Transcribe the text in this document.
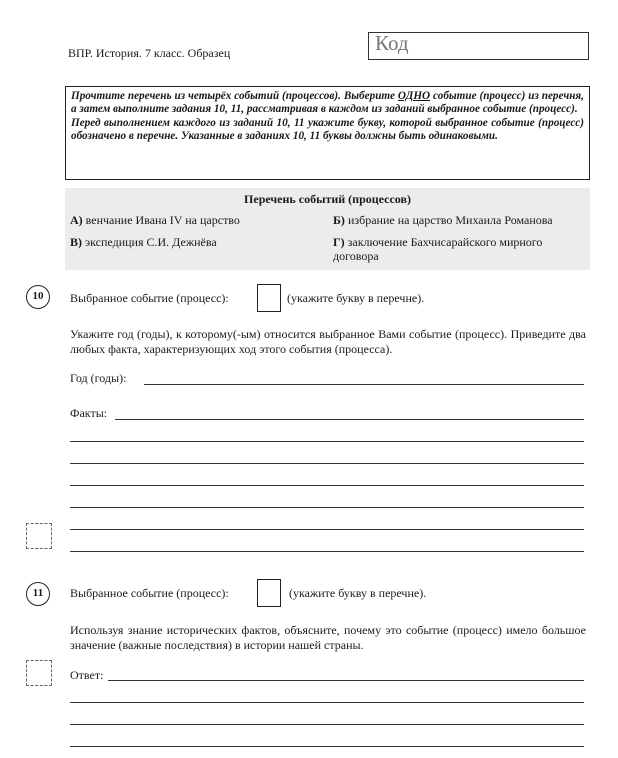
ВПР. История. 7 класс. Образец	Код

Прочтите перечень из четырёх событий (процессов). Выберите ОДНО событие (процесс) из перечня, а затем выполните задания 10, 11, рассматривая в каждом из заданий выбранное событие (процесс).

Перед выполнением каждого из заданий 10, 11 укажите букву, которой выбранное событие (процесс) обозначено в перечне. Указанные в заданиях 10, 11 буквы должны быть одинаковыми.

Перечень событий (процессов)
А) венчание Ивана IV на царство	Б) избрание на царство Михаила Романова
В) экспедиция С.И. Дежнёва	Г) заключение Бахчисарайского мирного договора
10	Выбранное событие (процесс):	(укажите букву в перечне).
Укажите год (годы), к которому(-ым) относится выбранное Вами событие (процесс). Приведите два любых факта, характеризующих ход этого события (процесса).
Год (годы):
Факты:
11	Выбранное событие (процесс):	(укажите букву в перечне).
Используя знание исторических фактов, объясните, почему это событие (процесс) имело большое значение (важные последствия) в истории нашей страны.
Ответ:
